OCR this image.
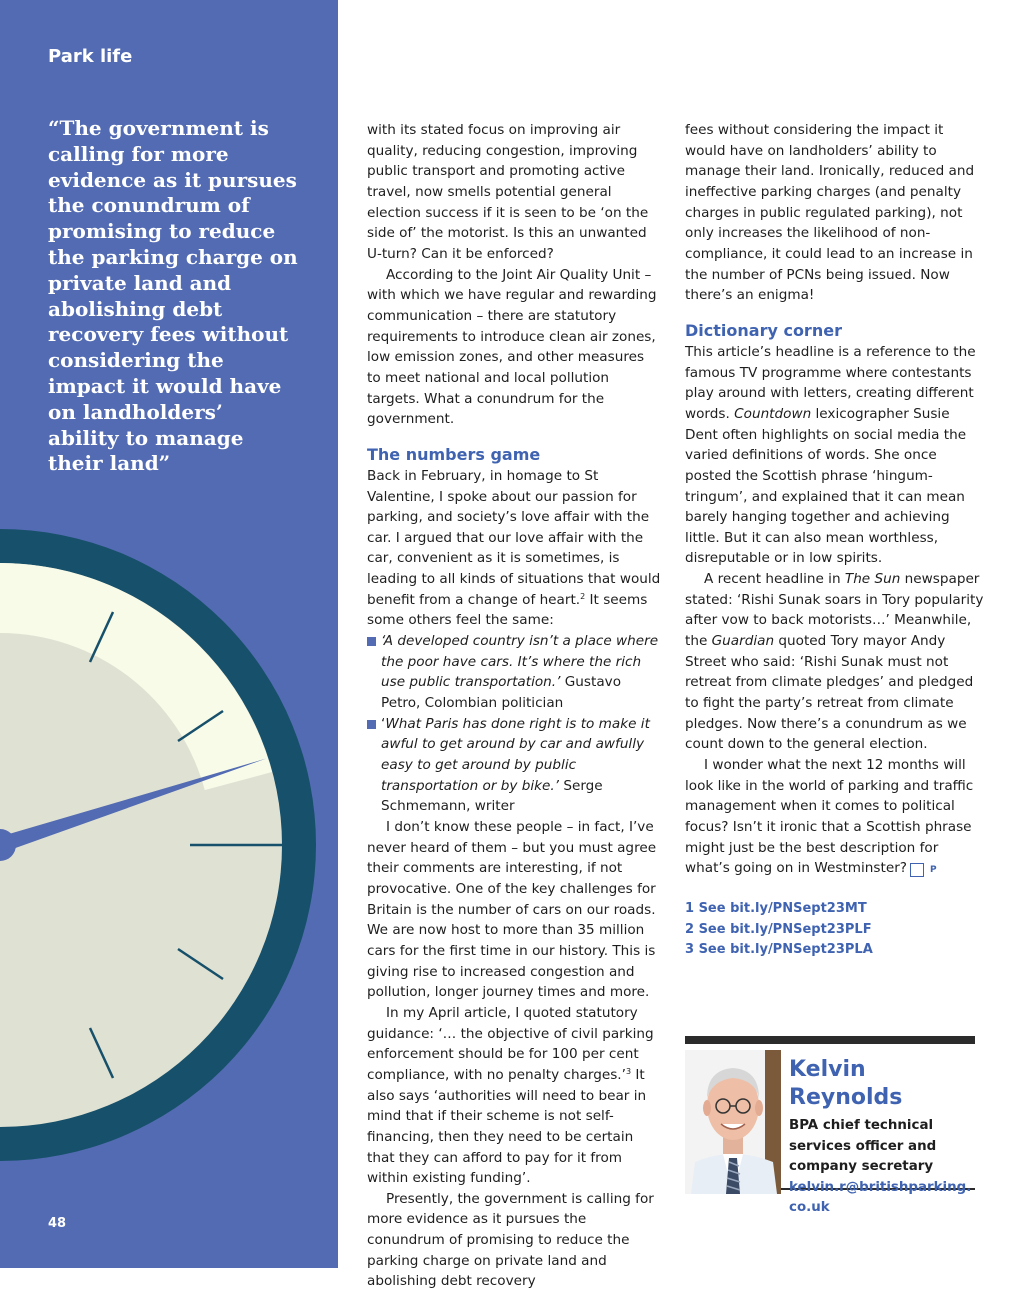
Park life
“The government is calling for more evidence as it pursues the conundrum of promising to reduce the parking charge on private land and abolishing debt recovery fees without considering the impact it would have on landholders’ ability to manage their land”
48

with its stated focus on improving air quality, reducing congestion, improving public transport and promoting active travel, now smells potential general election success if it is seen to be ‘on the side of’ the motorist. Is this an unwanted U-turn? Can it be enforced?

According to the Joint Air Quality Unit – with which we have regular and rewarding communication – there are statutory requirements to introduce clean air zones, low emission zones, and other measures to meet national and local pollution targets. What a conundrum for the government.

The numbers game

Back in February, in homage to St Valentine, I spoke about our passion for parking, and society’s love affair with the car. I argued that our love affair with the car, convenient as it is sometimes, is leading to all kinds of situations that would benefit from a change of heart.$^2$ It seems some others feel the same:

‘A developed country isn’t a place where the poor have cars. It’s where the rich use public transportation.’ Gustavo Petro, Colombian politician
‘What Paris has done right is to make it awful to get around by car and awfully easy to get around by public transportation or by bike.’ Serge Schmemann, writer

I don’t know these people – in fact, I’ve never heard of them – but you must agree their comments are interesting, if not provocative. One of the key challenges for Britain is the number of cars on our roads. We are now host to more than 35 million cars for the first time in our history. This is giving rise to increased congestion and pollution, longer journey times and more.

In my April article, I quoted statutory guidance: ‘… the objective of civil parking enforcement should be for 100 per cent compliance, with no penalty charges.’$^3$ It also says ‘authorities will need to bear in mind that if their scheme is not self-financing, then they need to be certain that they can afford to pay for it from within existing funding’.

Presently, the government is calling for more evidence as it pursues the conundrum of promising to reduce the parking charge on private land and abolishing debt recovery

fees without considering the impact it would have on landholders’ ability to manage their land. Ironically, reduced and ineffective parking charges (and penalty charges in public regulated parking), not only increases the likelihood of non-compliance, it could lead to an increase in the number of PCNs being issued. Now there’s an enigma!

Dictionary corner

This article’s headline is a reference to the famous TV programme where contestants play around with letters, creating different words. Countdown lexicographer Susie Dent often highlights on social media the varied definitions of words. She once posted the Scottish phrase ‘hingum-tringum’, and explained that it can mean barely hanging together and achieving little. But it can also mean worthless, disreputable or in low spirits.

A recent headline in The Sun newspaper stated: ‘Rishi Sunak soars in Tory popularity after vow to back motorists…’ Meanwhile, the Guardian quoted Tory mayor Andy Street who said: ‘Rishi Sunak must not retreat from climate pledges’ and pledged to fight the party’s retreat from climate pledges. Now there’s a conundrum as we count down to the general election.

I wonder what the next 12 months will look like in the world of parking and traffic management when it comes to political focus? Isn’t it ironic that a Scottish phrase might just be the best description for what’s going on in Westminster?	P

1 See bit.ly/PNSept23MT
2 See bit.ly/PNSept23PLF
3 See bit.ly/PNSept23PLA
Kelvin Reynolds
BPA chief technical services officer and company secretary
kelvin.r@britishparking.co.uk
